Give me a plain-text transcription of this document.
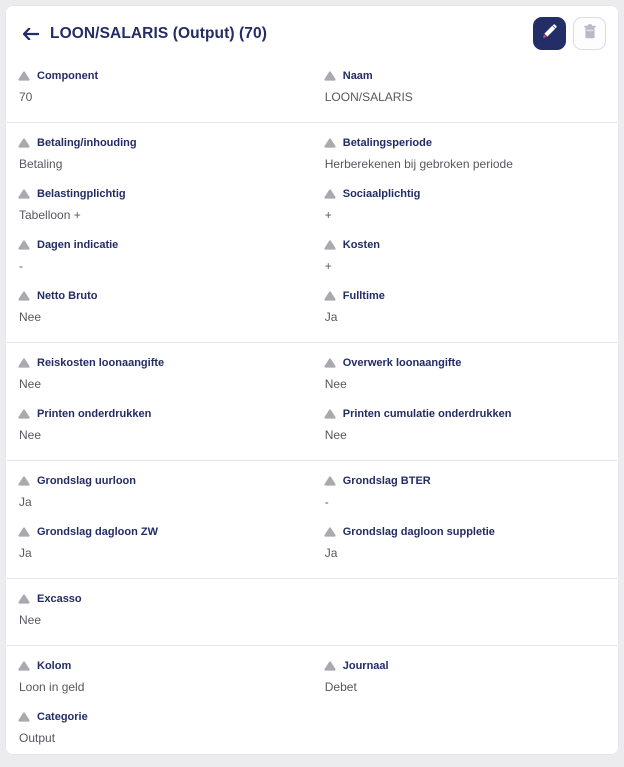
LOON/SALARIS (Output) (70)
Component
70
Naam
LOON/SALARIS
Betaling/inhouding
Betaling
Betalingsperiode
Herberekenen bij gebroken periode
Belastingplichtig
Tabelloon +
Sociaalplichtig
+
Dagen indicatie
-
Kosten
+
Netto Bruto
Nee
Fulltime
Ja
Reiskosten loonaangifte
Nee
Overwerk loonaangifte
Nee
Printen onderdrukken
Nee
Printen cumulatie onderdrukken
Nee
Grondslag uurloon
Ja
Grondslag BTER
-
Grondslag dagloon ZW
Ja
Grondslag dagloon suppletie
Ja
Excasso
Nee
Kolom
Loon in geld
Journaal
Debet
Categorie
Output
